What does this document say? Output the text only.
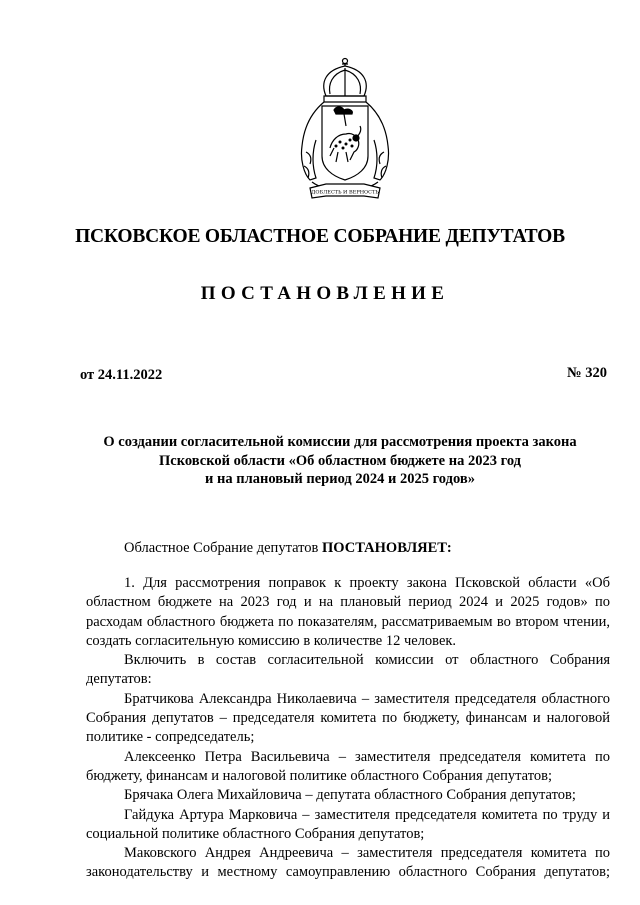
ДОБЛЕСТЬ И ВЕРНОСТЬ
ПСКОВСКОЕ ОБЛАСТНОЕ СОБРАНИЕ ДЕПУТАТОВ
ПОСТАНОВЛЕНИЕ
от 24.11.2022	№ 320
О создании согласительной комиссии для рассмотрения проекта закона
Псковской области «Об областном бюджете на 2023 год
и на плановый период 2024 и 2025 годов»
Областное Собрание депутатов ПОСТАНОВЛЯЕТ:

1. Для рассмотрения поправок к проекту закона Псковской области «Об областном бюджете на 2023 год и на плановый период 2024 и 2025 годов» по расходам областного бюджета по показателям, рассматриваемым во втором чтении, создать согласительную комиссию в количестве 12 человек.

Включить в состав согласительной комиссии от областного Собрания депутатов:

Братчикова Александра Николаевича – заместителя председателя областного Собрания депутатов – председателя комитета по бюджету, финансам и налоговой политике - сопредседатель;

Алексеенко Петра Васильевича – заместителя председателя комитета по бюджету, финансам и налоговой политике областного Собрания депутатов;

Брячака Олега Михайловича – депутата областного Собрания депутатов;

Гайдука Артура Марковича – заместителя председателя комитета по труду и социальной политике областного Собрания депутатов;

Маковского Андрея Андреевича – заместителя председателя комитета по законодательству и местному самоуправлению областного Собрания депутатов;
